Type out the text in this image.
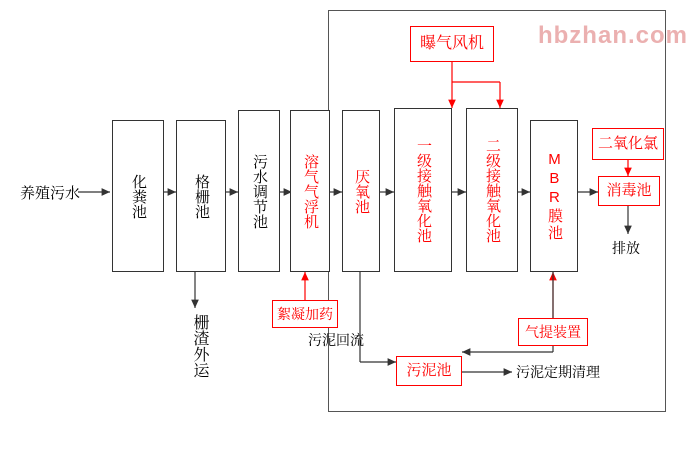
hbzhan.com
养殖污水	化粪池	格栅池	污水调节池 溶气气浮机 厌氧池	一级接触氧化池	二级接触氧化池	MBR膜池	消毒池
污泥池
曝气风机
二氧化氯
絮凝加药
气提装置
栅渣外运	污泥回流
污泥定期清理
排放
